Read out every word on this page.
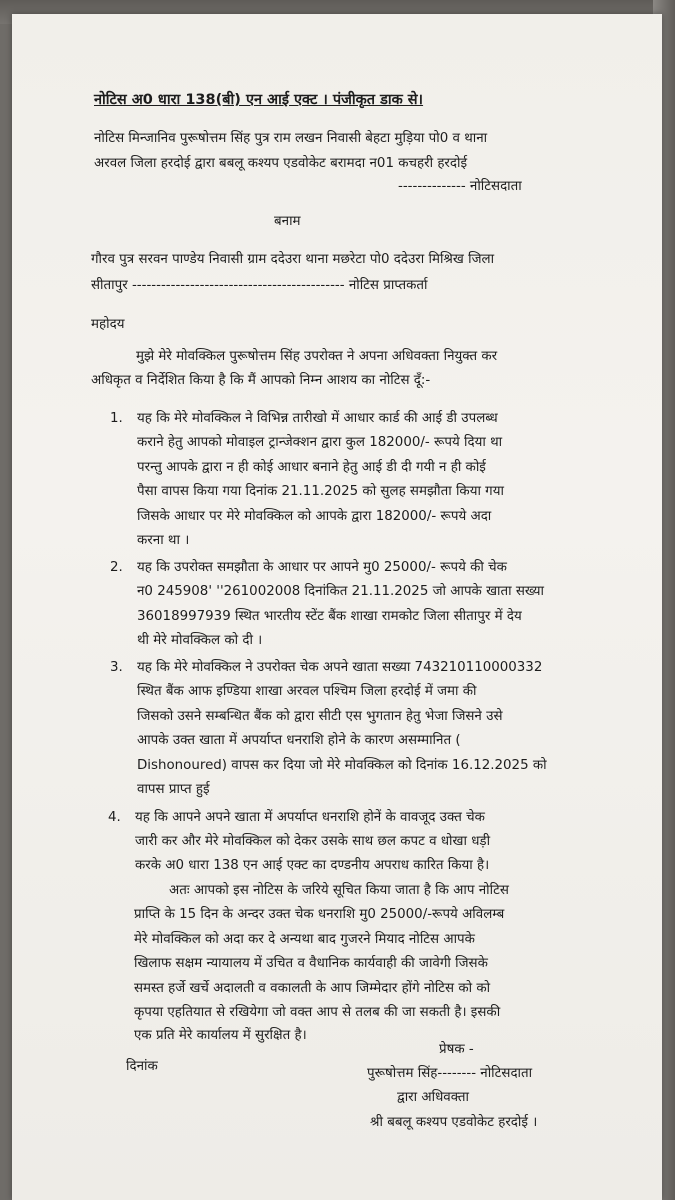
नोटिस अ0 धारा 138(बी) एन आई एक्ट । पंजीकृत डाक से।
नोटिस मिन्जानिव पुरूषोत्तम सिंह पुत्र राम लखन निवासी बेहटा मुड़िया पो0 व थाना
अरवल जिला हरदोई द्वारा बबलू कश्यप एडवोकेट बरामदा न01 कचहरी हरदोई
-------------- नोटिसदाता
बनाम
गौरव पुत्र सरवन पाण्डेय निवासी ग्राम ददेउरा थाना मछरेटा पो0 ददेउरा मिश्रिख जिला
सीतापुर -------------------------------------------- नोटिस प्राप्तकर्ता
महोदय
मुझे मेरे मोवक्किल पुरूषोत्तम सिंह उपरोक्त ने अपना अधिवक्ता नियुक्त कर
अधिकृत व निर्देशित किया है कि मैं आपको निम्न आशय का नोटिस दूँ:-
1. यह कि मेरे मोवक्किल ने विभिन्न तारीखो में आधार कार्ड की आई डी उपलब्ध
कराने हेतु आपको मोवाइल ट्रान्जेक्शन द्वारा कुल 182000/- रूपये दिया था
परन्तु आपके द्वारा न ही कोई आधार बनाने हेतु आई डी दी गयी न ही कोई
पैसा वापस किया गया दिनांक 21.11.2025 को सुलह समझौता किया गया
जिसके आधार पर मेरे मोवक्किल को आपके द्वारा 182000/- रूपये अदा
करना था ।
2. यह कि उपरोक्त समझौता के आधार पर आपने मु0 25000/- रूपये की चेक
न0 245908' ''261002008 दिनांकित 21.11.2025 जो आपके खाता सख्या
36018997939 स्थित भारतीय स्टेंट बैंक शाखा रामकोट जिला सीतापुर में देय
थी मेरे मोवक्किल को दी ।
3. यह कि मेरे मोवक्किल ने उपरोक्त चेक अपने खाता सख्या 743210110000332
स्थित बैंक आफ इण्डिया शाखा अरवल पश्चिम जिला हरदोई में जमा की
जिसको उसने सम्बन्धित बैंक को द्वारा सीटी एस भुगतान हेतु भेजा जिसने उसे
आपके उक्त खाता में अपर्याप्त धनराशि होने के कारण असम्मानित (
Dishonoured) वापस कर दिया जो मेरे मोवक्किल को दिनांक 16.12.2025 को
वापस प्राप्त हुई
4. यह कि आपने अपने खाता में अपर्याप्त धनराशि होनें के वावजूद उक्त चेक
जारी कर और मेरे मोवक्किल को देकर उसके साथ छल कपट व धोखा धड़ी
करके अ0 धारा 138 एन आई एक्ट का दण्डनीय अपराध कारित किया है।
अतः आपको इस नोटिस के जरिये सूचित किया जाता है कि आप नोटिस
प्राप्ति के 15 दिन के अन्दर उक्त चेक धनराशि मु0 25000/-रूपये अविलम्ब
मेरे मोवक्किल को अदा कर दे अन्यथा बाद गुजरने मियाद नोटिस आपके
खिलाफ सक्षम न्यायालय में उचित व वैधानिक कार्यवाही की जावेगी जिसके
समस्त हर्जे खर्चे अदालती व वकालती के आप जिम्मेदार होंगे नोटिस को को
कृपया एहतियात से रखियेगा जो वक्त आप से तलब की जा सकती है। इसकी
एक प्रति मेरे कार्यालय में सुरक्षित है।
दिनांक
प्रेषक -
पुरूषोत्तम सिंह-------- नोटिसदाता
द्वारा अधिवक्ता
श्री बबलू कश्यप एडवोकेट हरदोई ।
